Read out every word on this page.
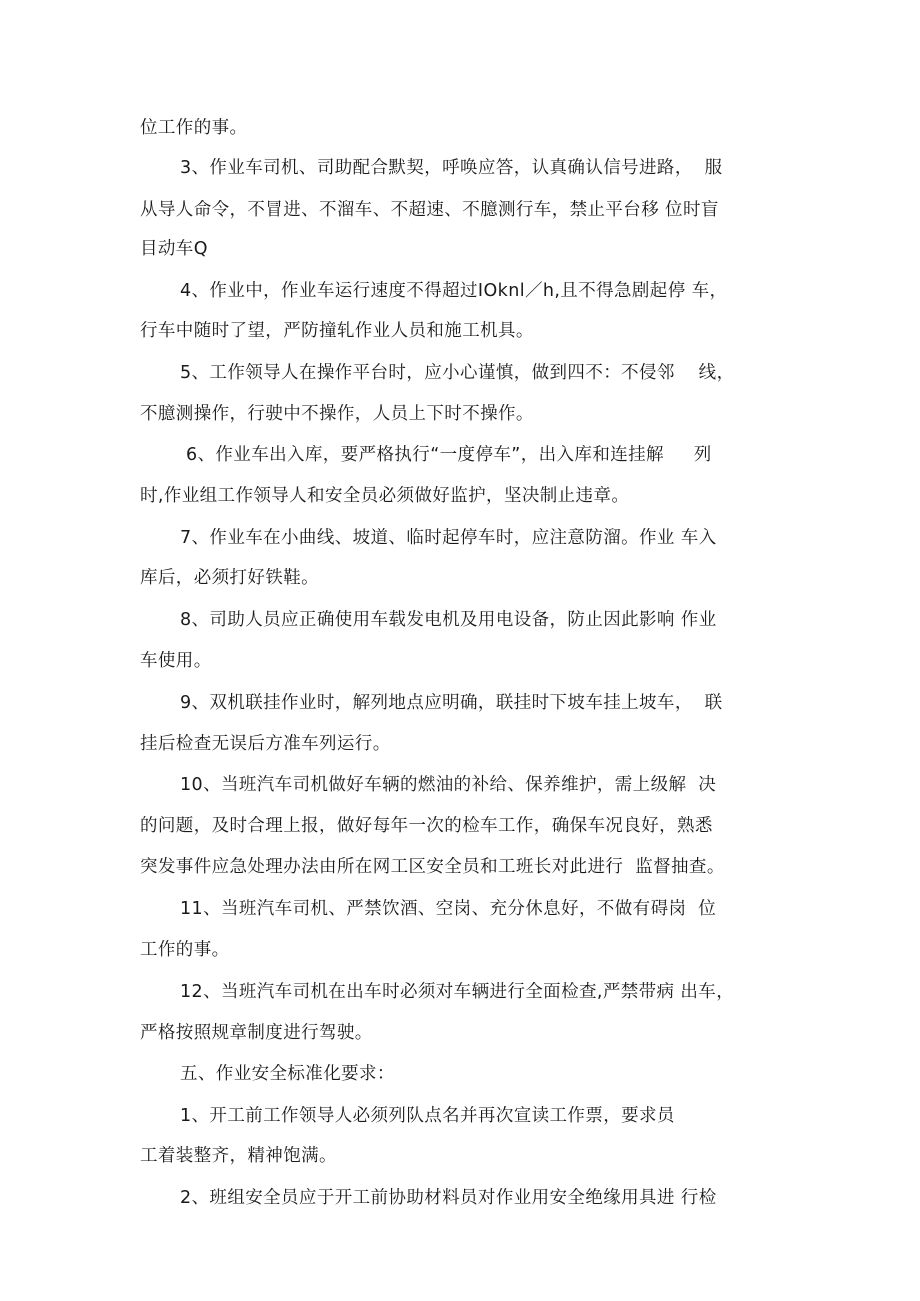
位工作的事。
3、作业车司机、司助配合默契，呼唤应答，认真确认信号进路，  服
从导人命令，不冒进、不溜车、不超速、不臆测行车，禁止平台移 位时盲
目动车Q
4、作业中，作业车运行速度不得超过IOknl／h,且不得急剧起停 车，
行车中随时了望，严防撞轧作业人员和施工机具。
5、工作领导人在操作平台时，应小心谨慎，做到四不：不侵邻    线，
不臆测操作，行驶中不操作，人员上下时不操作。
6、作业车出入库，要严格执行“一度停车”，出入库和连挂解     列
时,作业组工作领导人和安全员必须做好监护，坚决制止违章。
7、作业车在小曲线、坡道、临时起停车时，应注意防溜。作业 车入
库后，必须打好铁鞋。
8、司助人员应正确使用车载发电机及用电设备，防止因此影响 作业
车使用。
9、双机联挂作业时，解列地点应明确，联挂时下坡车挂上坡车，  联
挂后检查无误后方准车列运行。
10、当班汽车司机做好车辆的燃油的补给、保养维护，需上级解  决
的问题，及时合理上报，做好每年一次的检车工作，确保车况良好，熟悉
突发事件应急处理办法由所在网工区安全员和工班长对此进行  监督抽查。
11、当班汽车司机、严禁饮酒、空岗、充分休息好，不做有碍岗  位
工作的事。
12、当班汽车司机在出车时必须对车辆进行全面检查,严禁带病 出车，
严格按照规章制度进行驾驶。
五、作业安全标准化要求：
1、开工前工作领导人必须列队点名并再次宣读工作票，要求员
工着装整齐，精神饱满。
2、班组安全员应于开工前协助材料员对作业用安全绝缘用具进 行检
